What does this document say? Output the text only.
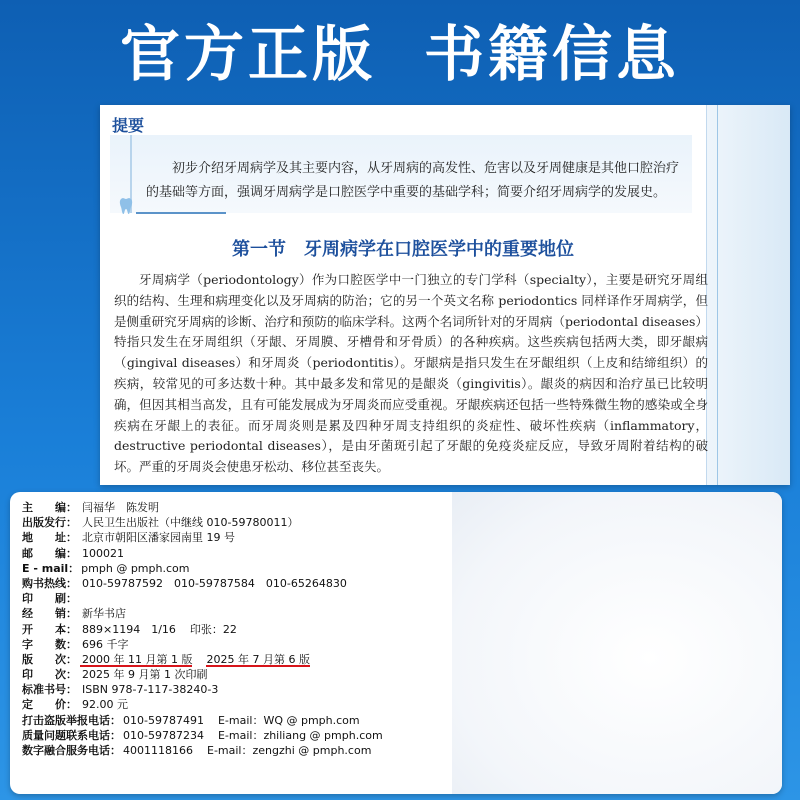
官方正版 书籍信息
提要

初步介绍牙周病学及其主要内容，从牙周病的高发性、危害以及牙周健康是其他口腔治疗

的基础等方面，强调牙周病学是口腔医学中重要的基础学科；简要介绍牙周病学的发展史。
第一节　牙周病学在口腔医学中的重要地位

牙周病学（periodontology）作为口腔医学中一门独立的专门学科（specialty），主要是研究牙周组织的结构、生理和病理变化以及牙周病的防治；它的另一个英文名称 periodontics 同样译作牙周病学，但是侧重研究牙周病的诊断、治疗和预防的临床学科。这两个名词所针对的牙周病（periodontal diseases）特指只发生在牙周组织（牙龈、牙周膜、牙槽骨和牙骨质）的各种疾病。这些疾病包括两大类，即牙龈病（gingival diseases）和牙周炎（periodontitis）。牙龈病是指只发生在牙龈组织（上皮和结缔组织）的疾病，较常见的可多达数十种。其中最多发和常见的是龈炎（gingivitis）。龈炎的病因和治疗虽已比较明确，但因其相当高发，且有可能发展成为牙周炎而应受重视。牙龈疾病还包括一些特殊微生物的感染或全身疾病在牙龈上的表征。而牙周炎则是累及四种牙周支持组织的炎症性、破坏性疾病（inflammatory，destructive periodontal diseases），是由牙菌斑引起了牙龈的免疫炎症反应，导致牙周附着结构的破坏。严重的牙周炎会使患牙松动、移位甚至丧失。

主　　编： 闫福华　陈发明
出版发行： 人民卫生出版社（中继线 010-59780011）
地　　址： 北京市朝阳区潘家园南里 19 号
邮　　编： 100021
E - mail： pmph @ pmph.com
购书热线： 010-59787592　010-59787584　010-65264830
印　　刷：
经　　销： 新华书店
开　　本： 889×1194　1/16	印张：22
字　　数： 696 千字
版　　次： 2000 年 11 月第 1 版 2025 年 7 月第 6 版
印　　次： 2025 年 9 月第 1 次印刷
标准书号： ISBN 978-7-117-38240-3
定　　价： 92.00 元
打击盗版举报电话： 010-59787491	E-mail：WQ @ pmph.com
质量问题联系电话： 010-59787234	E-mail：zhiliang @ pmph.com
数字融合服务电话： 4001118166	E-mail：zengzhi @ pmph.com
